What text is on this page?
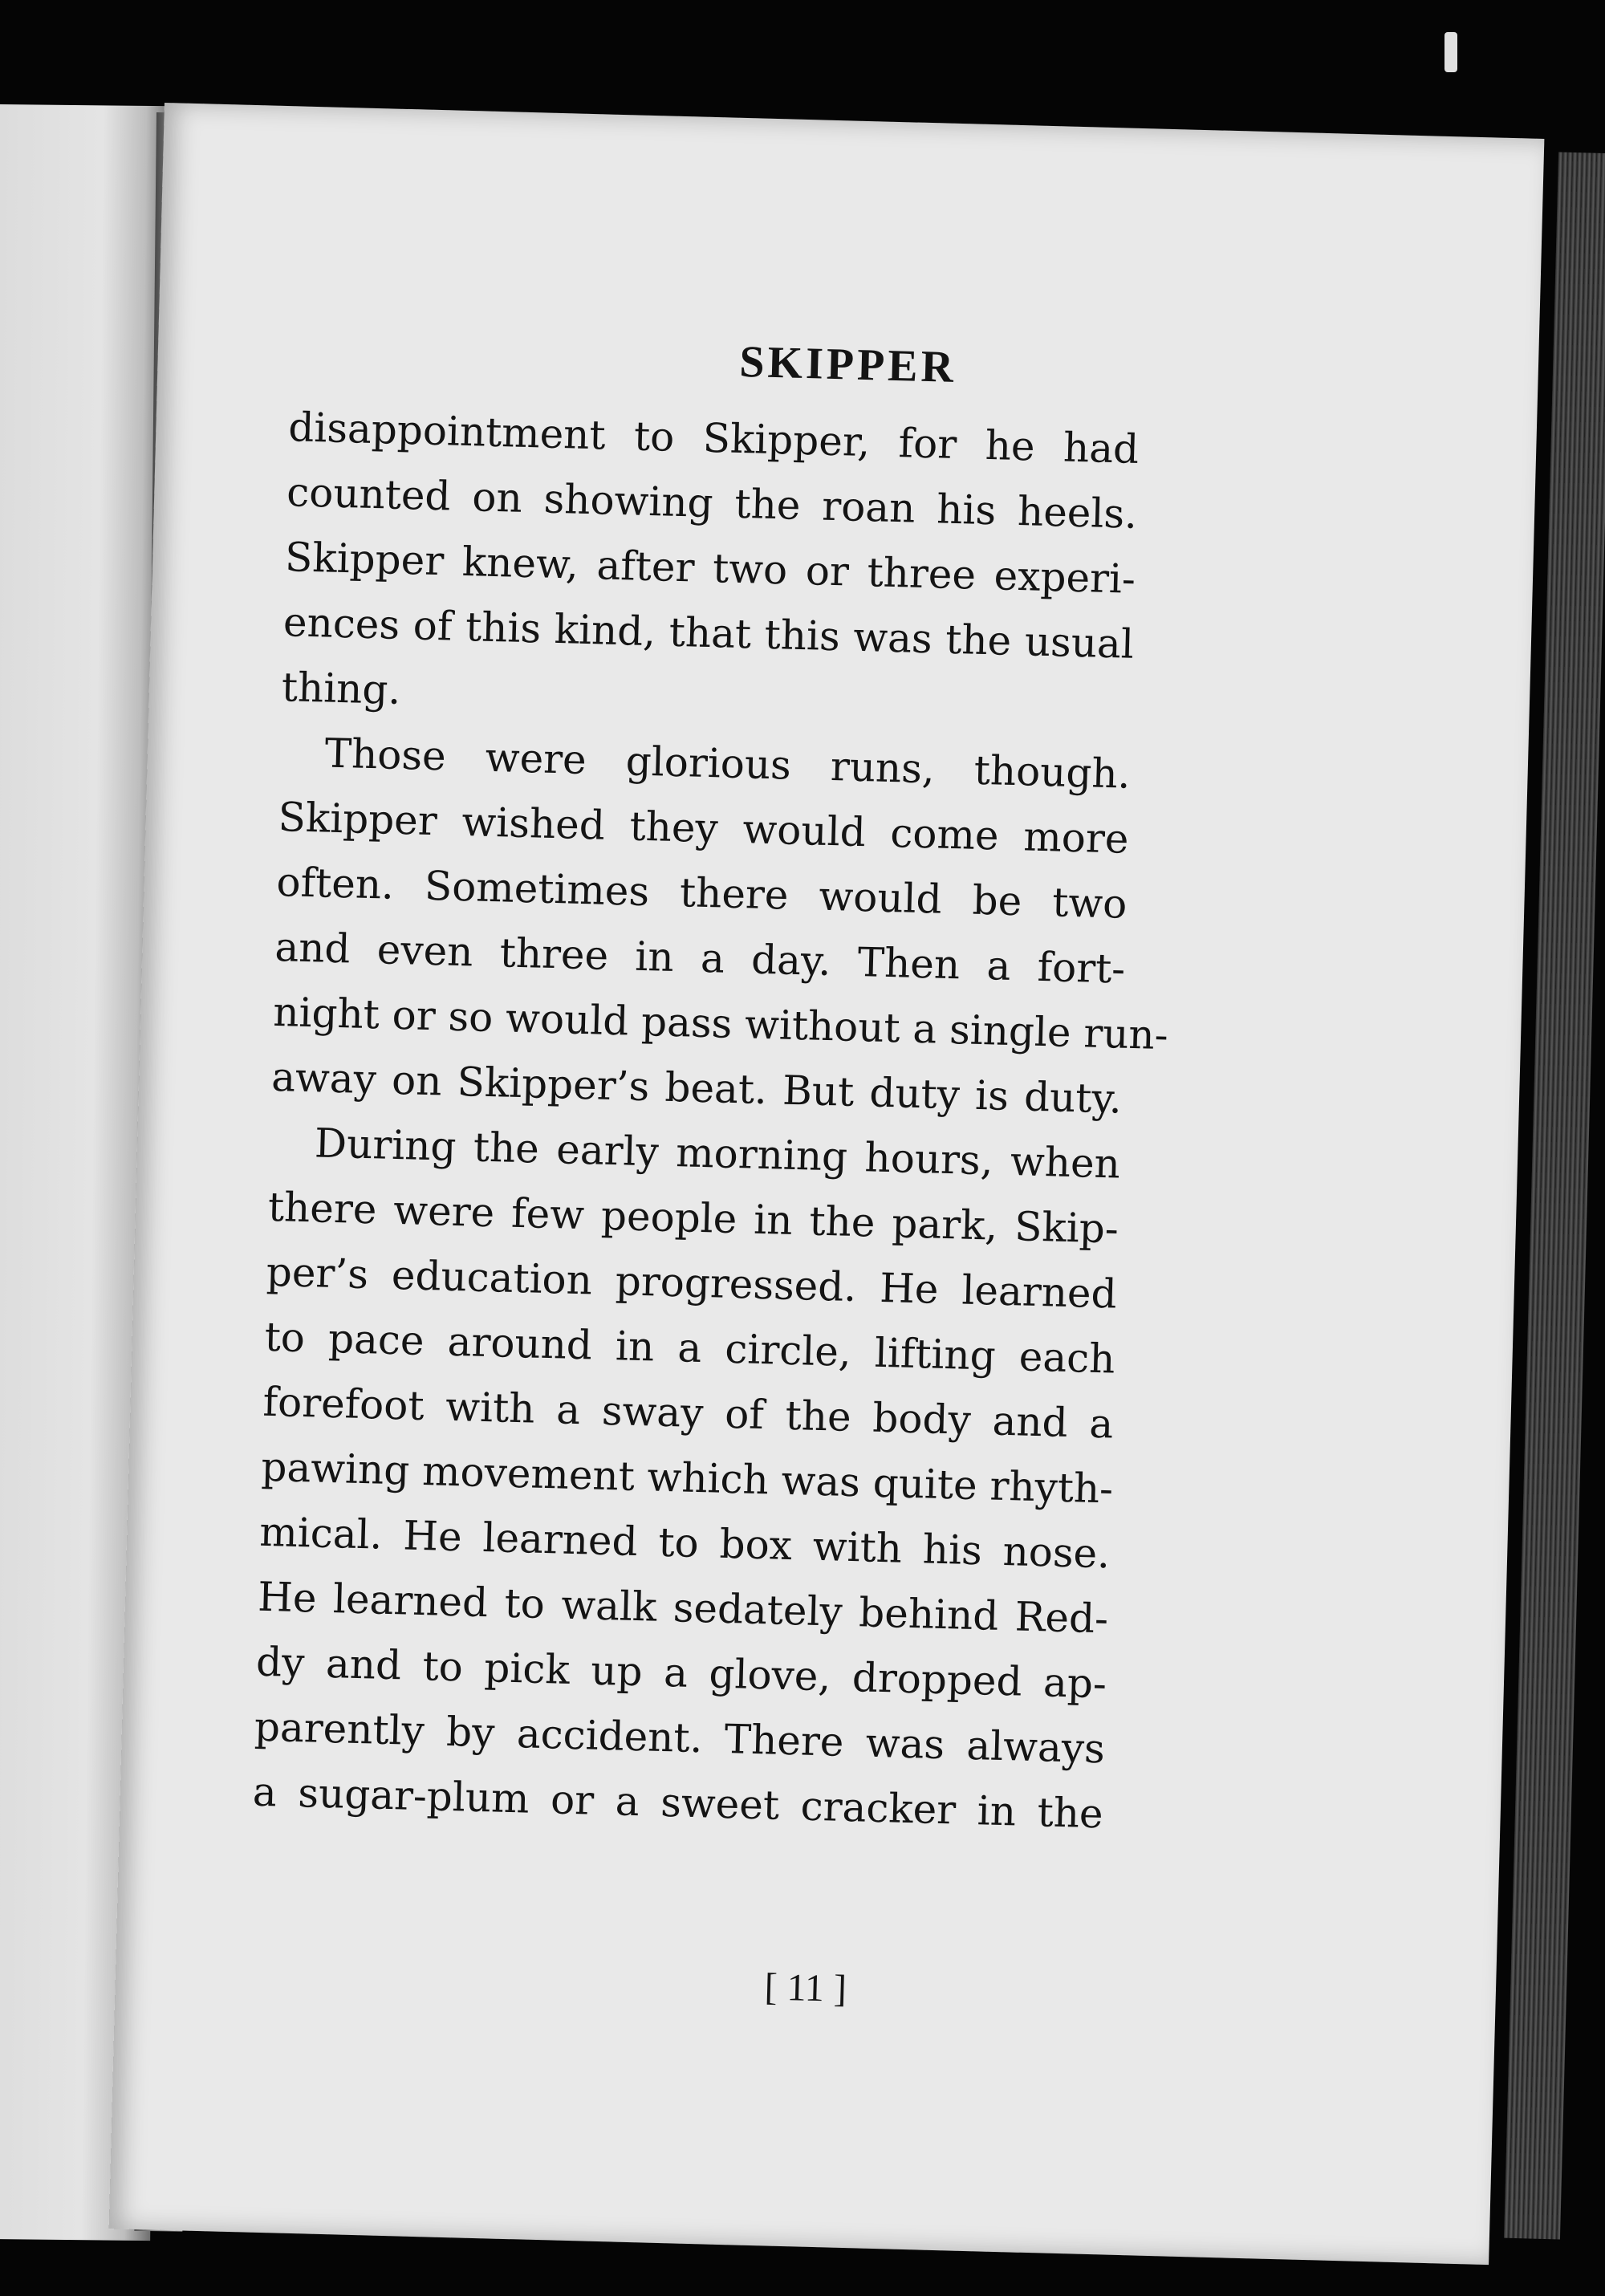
SKIPPER
disappointment to Skipper, for he had
counted on showing the roan his heels.
Skipper knew, after two or three experi-
ences of this kind, that this was the usual
thing.
Those were glorious runs, though.
Skipper wished they would come more
often. Sometimes there would be two
and even three in a day. Then a fort-
night or so would pass without a single run-
away on Skipper’s beat. But duty is duty.
During the early morning hours, when
there were few people in the park, Skip-
per’s education progressed. He learned
to pace around in a circle, lifting each
forefoot with a sway of the body and a
pawing movement which was quite rhyth-
mical. He learned to box with his nose.
He learned to walk sedately behind Red-
dy and to pick up a glove, dropped ap-
parently by accident. There was always
a sugar-plum or a sweet cracker in the
[ 11 ]
